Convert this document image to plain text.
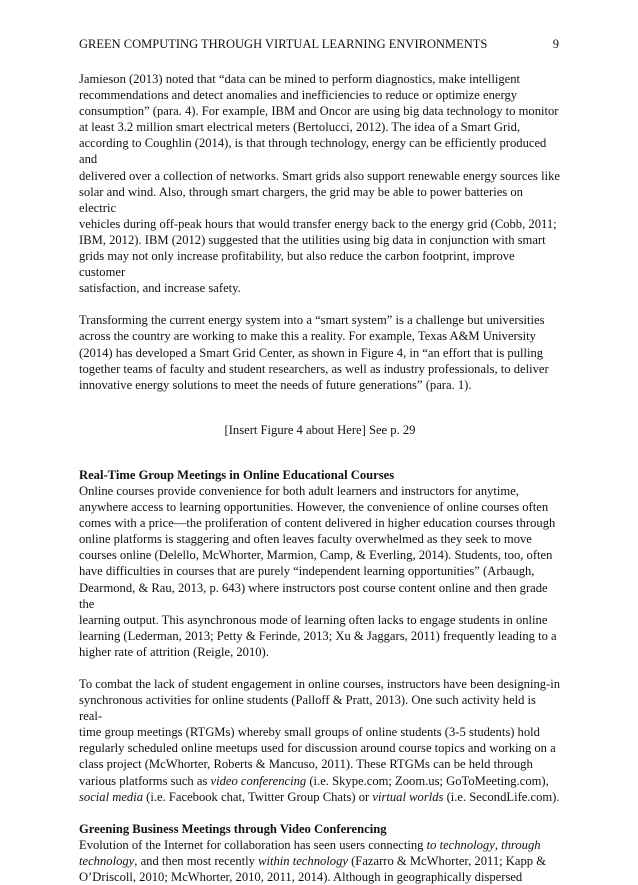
GREEN COMPUTING THROUGH VIRTUAL LEARNING ENVIRONMENTS	9

Jamieson (2013) noted that “data can be mined to perform diagnostics, make intelligent

recommendations and detect anomalies and inefficiencies to reduce or optimize energy

consumption” (para. 4). For example, IBM and Oncor are using big data technology to monitor

at least 3.2 million smart electrical meters (Bertolucci, 2012). The idea of a Smart Grid,

according to Coughlin (2014), is that through technology, energy can be efficiently produced and

delivered over a collection of networks. Smart grids also support renewable energy sources like

solar and wind. Also, through smart chargers, the grid may be able to power batteries on electric

vehicles during off-peak hours that would transfer energy back to the energy grid (Cobb, 2011;

IBM, 2012). IBM (2012) suggested that the utilities using big data in conjunction with smart

grids may not only increase profitability, but also reduce the carbon footprint, improve customer

satisfaction, and increase safety.

Transforming the current energy system into a “smart system” is a challenge but universities

across the country are working to make this a reality. For example, Texas A&M University

(2014) has developed a Smart Grid Center, as shown in Figure 4, in “an effort that is pulling

together teams of faculty and student researchers, as well as industry professionals, to deliver

innovative energy solutions to meet the needs of future generations” (para. 1).

[Insert Figure 4 about Here] See p. 29

Real-Time Group Meetings in Online Educational Courses

Online courses provide convenience for both adult learners and instructors for anytime,

anywhere access to learning opportunities. However, the convenience of online courses often

comes with a price—the proliferation of content delivered in higher education courses through

online platforms is staggering and often leaves faculty overwhelmed as they seek to move

courses online (Delello, McWhorter, Marmion, Camp, & Everling, 2014). Students, too, often

have difficulties in courses that are purely “independent learning opportunities” (Arbaugh,

Dearmond, & Rau, 2013, p. 643) where instructors post course content online and then grade the

learning output. This asynchronous mode of learning often lacks to engage students in online

learning (Lederman, 2013; Petty & Ferinde, 2013; Xu & Jaggars, 2011) frequently leading to a

higher rate of attrition (Reigle, 2010).

To combat the lack of student engagement in online courses, instructors have been designing-in

synchronous activities for online students (Palloff & Pratt, 2013). One such activity held is real-

time group meetings (RTGMs) whereby small groups of online students (3-5 students) hold

regularly scheduled online meetups used for discussion around course topics and working on a

class project (McWhorter, Roberts & Mancuso, 2011). These RTGMs can be held through

various platforms such as video conferencing (i.e. Skype.com; Zoom.us; GoToMeeting.com),

social media (i.e. Facebook chat, Twitter Group Chats) or virtual worlds (i.e. SecondLife.com).

Greening Business Meetings through Video Conferencing

Evolution of the Internet for collaboration has seen users connecting to technology, through

technology, and then most recently within technology (Fazarro & McWhorter, 2011; Kapp &

O’Driscoll, 2010; McWhorter, 2010, 2011, 2014). Although in geographically dispersed
